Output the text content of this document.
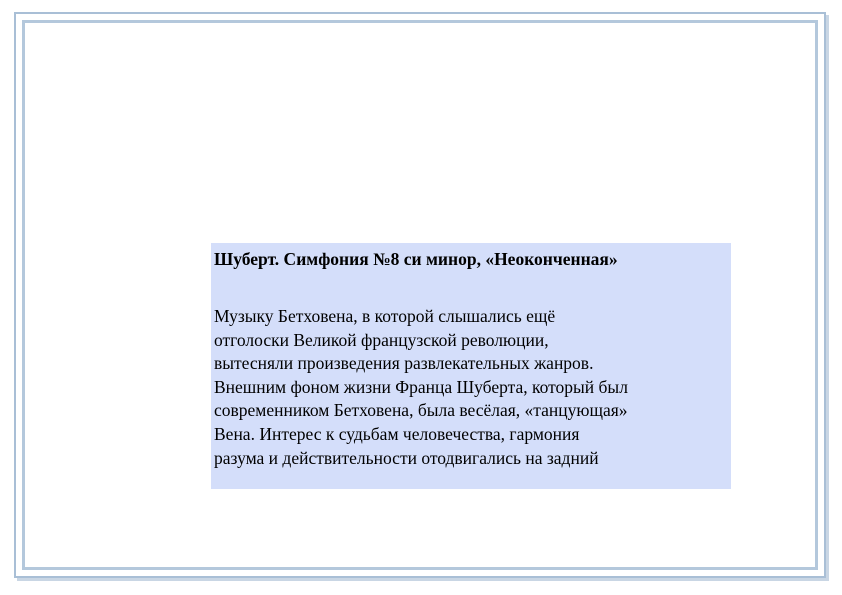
Шуберт. Симфония №8 си минор, «Неоконченная»

Музыку Бетховена, в которой слышались ещё

отголоски Великой французской революции,

вытесняли произведения развлекательных жанров.

Внешним фоном жизни Франца Шуберта, который был

современником Бетховена, была весёлая, «танцующая»

Вена. Интерес к судьбам человечества, гармония

разума и действительности отодвигались на задний
